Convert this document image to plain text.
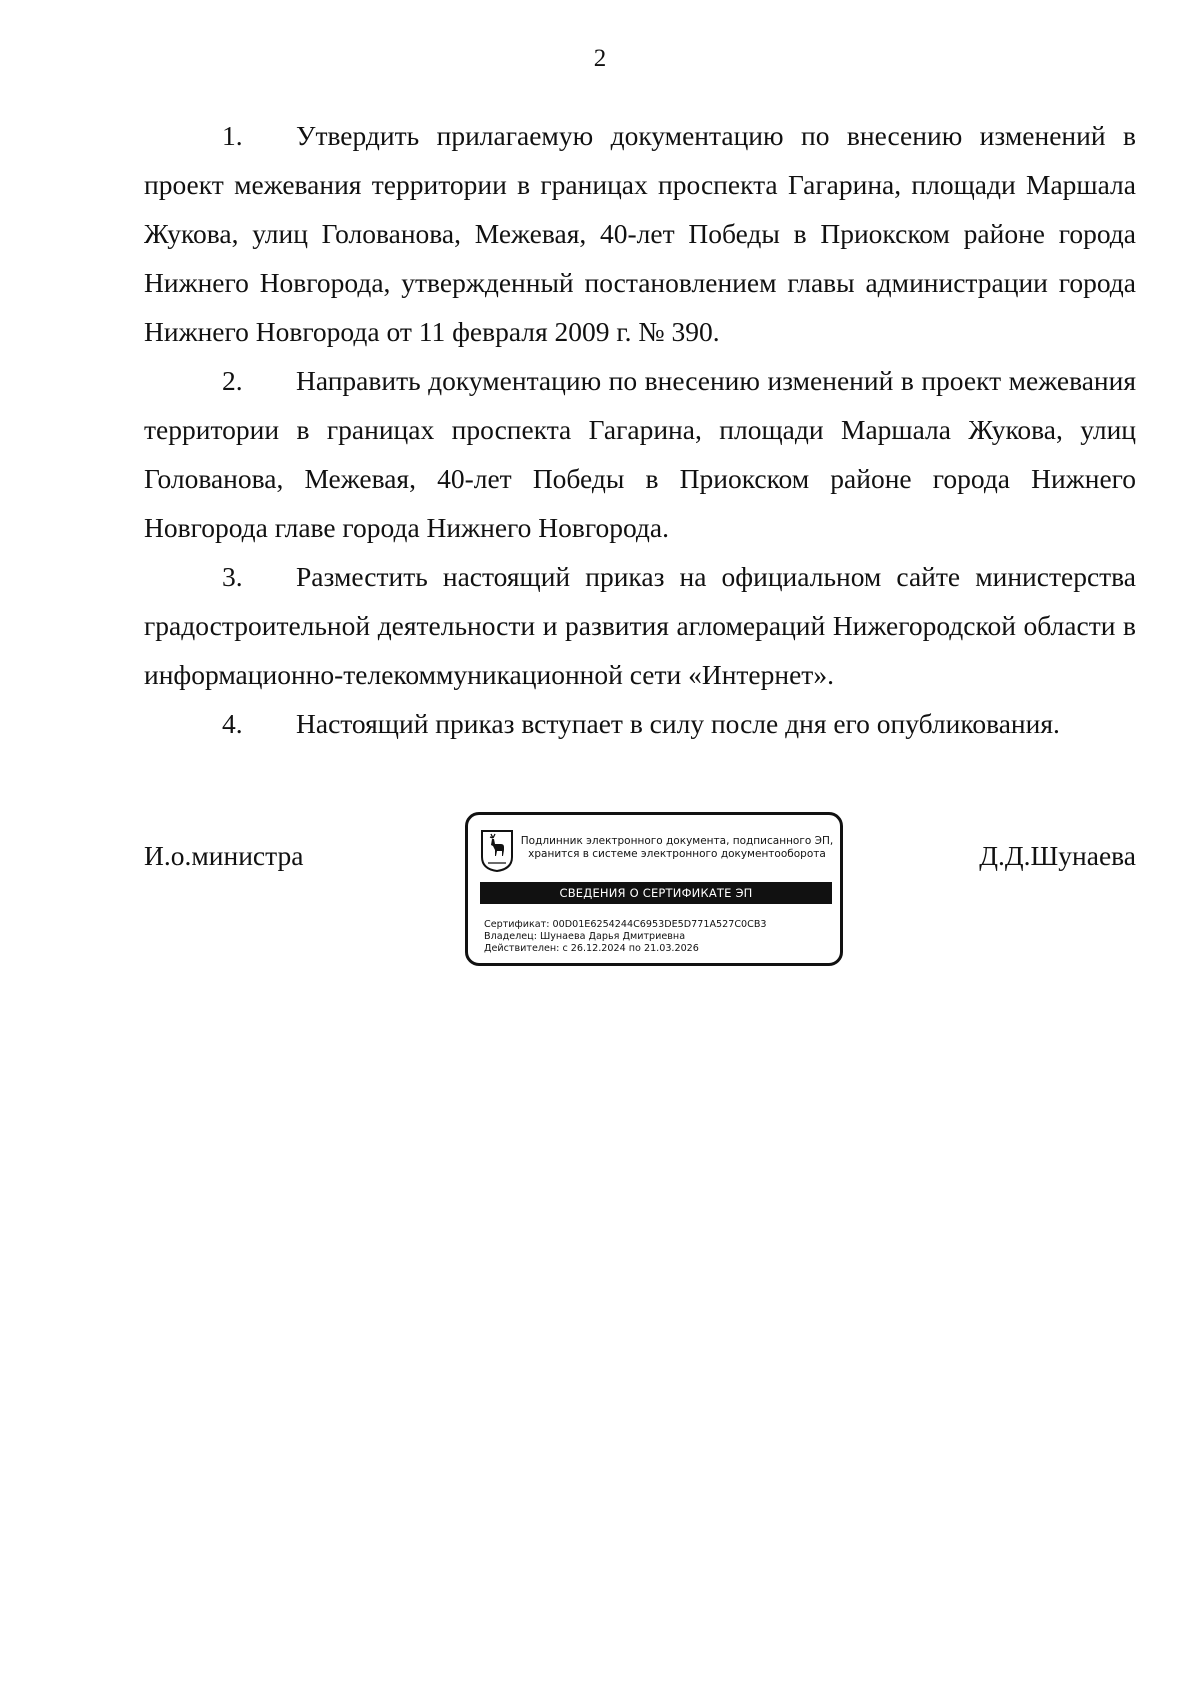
2

1. Утвердить прилагаемую документацию по внесению изменений в проект межевания территории в границах проспекта Гагарина, площади Маршала Жукова, улиц Голованова, Межевая, 40-лет Победы в Приокском районе города Нижнего Новгорода, утвержденный постановлением главы администрации города Нижнего Новгорода от 11 февраля 2009 г. № 390.

2. Направить документацию по внесению изменений в проект межевания территории в границах проспекта Гагарина, площади Маршала Жукова, улиц Голованова, Межевая, 40-лет Победы в Приокском районе города Нижнего Новгорода главе города Нижнего Новгорода.

3. Разместить настоящий приказ на официальном сайте министерства градостроительной деятельности и развития агломераций Нижегородской области в информационно-телекоммуникационной сети «Интернет».

4. Настоящий приказ вступает в силу после дня его опубликования.

И.о.министра	Подлинник электронного документа, подписанного ЭП,
хранится в системе электронного документооборота
СВЕДЕНИЯ О СЕРТИФИКАТЕ ЭП
Сертификат: 00D01E6254244C6953DE5D771A527C0CB3
Владелец: Шунаева Дарья Дмитриевна
Действителен: с 26.12.2024 по 21.03.2026
Д.Д.Шунаева
